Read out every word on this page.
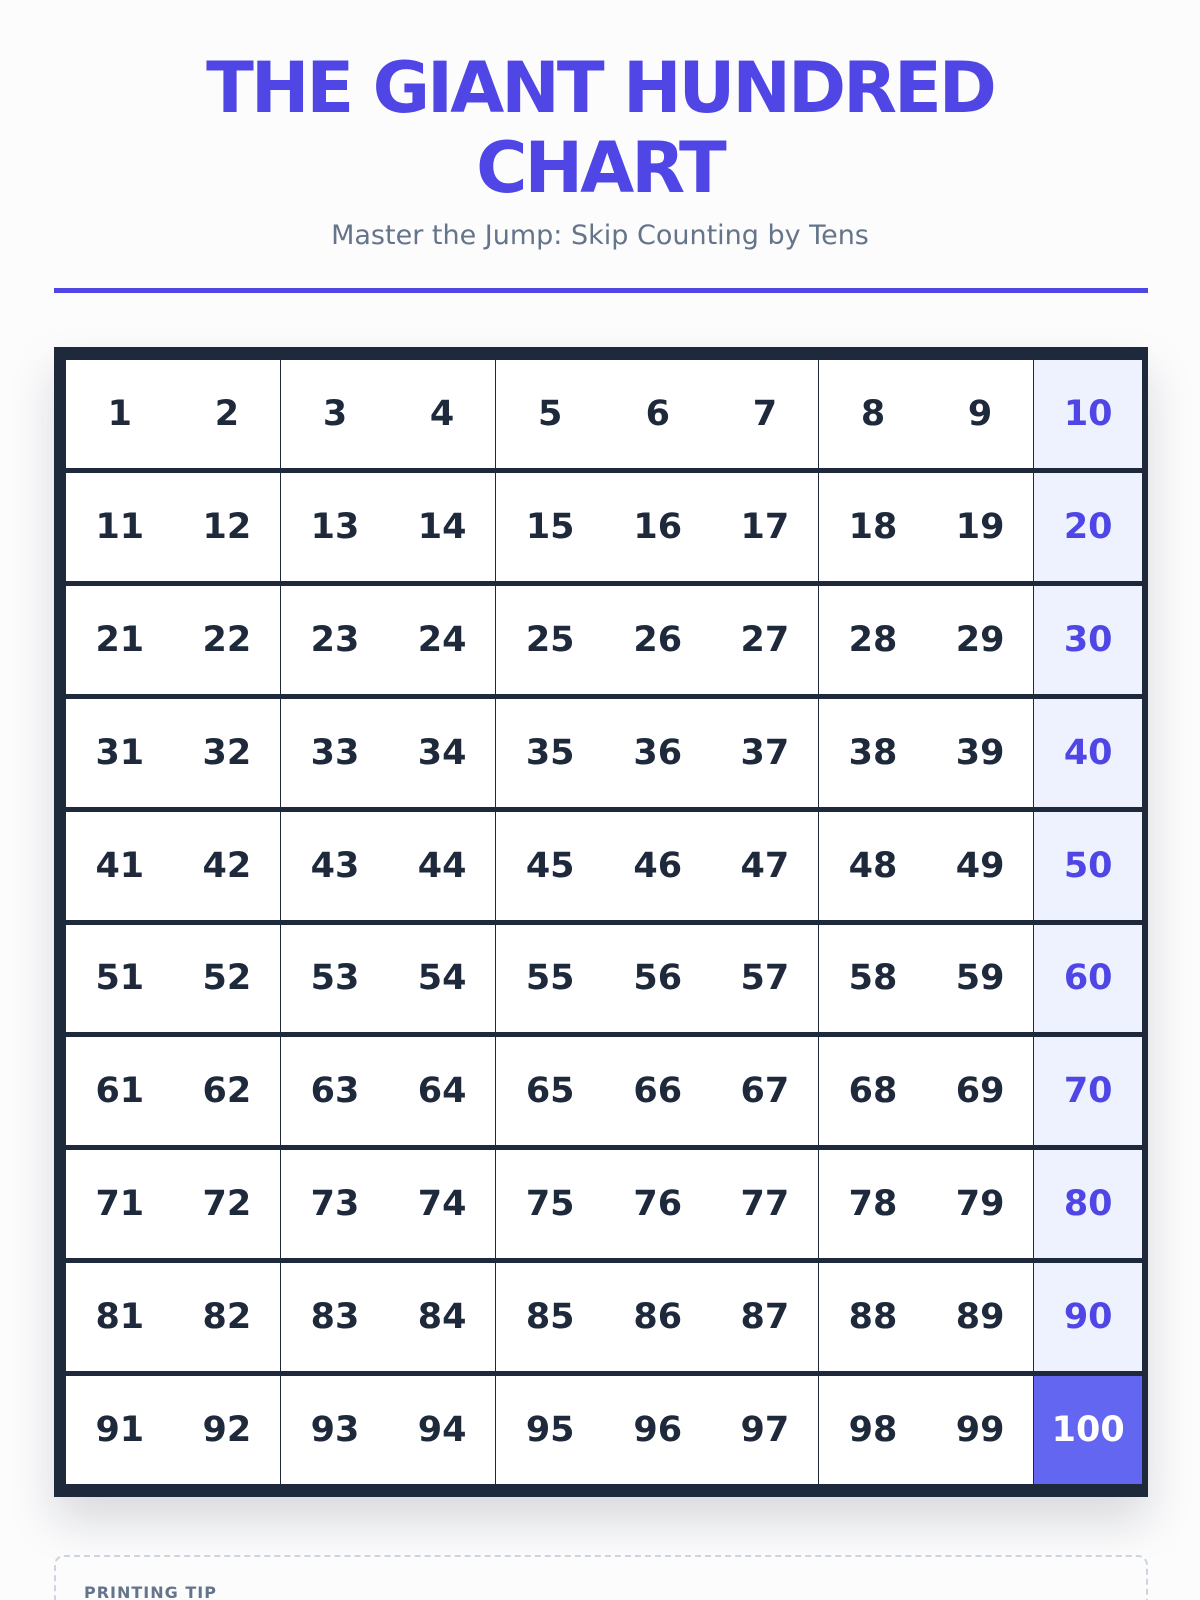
THE GIANT HUNDRED CHART
Master the Jump: Skip Counting by Tens
1	2	3	4	5	6	7	8	9	10
11	12	13	14	15	16	17	18	19	20
21	22	23	24	25	26	27	28	29	30
31	32	33	34	35	36	37	38	39	40
41	42	43	44	45	46	47	48	49	50
51	52	53	54	55	56	57	58	59	60
61	62	63	64	65	66	67	68	69	70
71	72	73	74	75	76	77	78	79	80
81	82	83	84	85	86	87	88	89	90
91	92	93	94	95	96	97	98	99	100
PRINTING TIP
